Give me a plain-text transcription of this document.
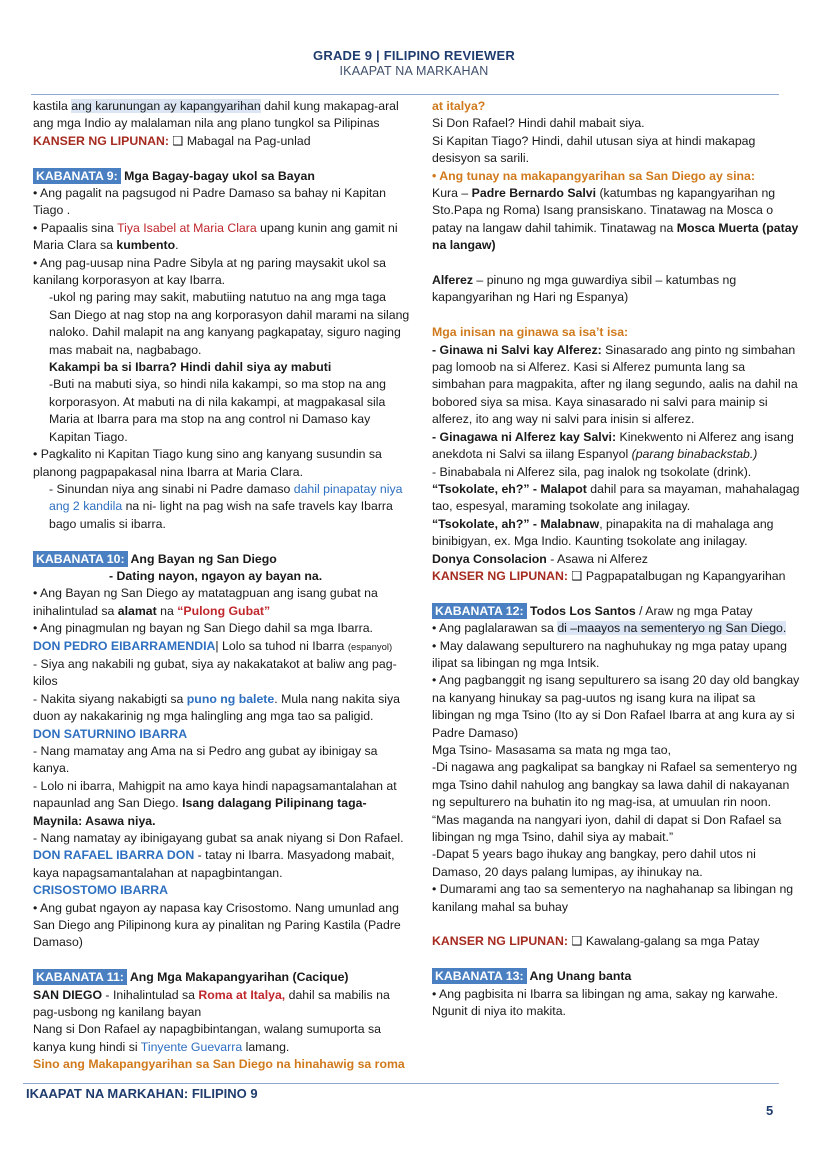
GRADE 9 | FILIPINO REVIEWER
IKAAPAT NA MARKAHAN

kastila ang karunungan ay kapangyarihan dahil kung makapag-aral ang mga Indio ay malalaman nila ang plano tungkol sa Pilipinas

KANSER NG LIPUNAN: ❑ Mabagal na Pag-unlad

KABANATA 9: Mga Bagay-bagay ukol sa Bayan

• Ang pagalit na pagsugod ni Padre Damaso sa bahay ni Kapitan Tiago .

• Papaalis sina Tiya Isabel at Maria Clara upang kunin ang gamit ni Maria Clara sa kumbento.

• Ang pag-uusap nina Padre Sibyla at ng paring maysakit ukol sa kanilang korporasyon at kay Ibarra.

-ukol ng paring may sakit, mabutiing natutuo na ang mga taga San Diego at nag stop na ang korporasyon dahil marami na silang naloko. Dahil malapit na ang kanyang pagkapatay, siguro naging mas mabait na, nagbabago.

Kakampi ba si Ibarra? Hindi dahil siya ay mabuti

-Buti na mabuti siya, so hindi nila kakampi, so ma stop na ang korporasyon. At mabuti na di nila kakampi, at magpakasal sila Maria at Ibarra para ma stop na ang control ni Damaso kay Kapitan Tiago.

• Pagkalito ni Kapitan Tiago kung sino ang kanyang susundin sa planong pagpapakasal nina Ibarra at Maria Clara.

- Sinundan niya ang sinabi ni Padre damaso dahil pinapatay niya ang 2 kandila na ni- light na pag wish na safe travels kay Ibarra bago umalis si ibarra.

KABANATA 10: Ang Bayan ng San Diego

- Dating nayon, ngayon ay bayan na.

• Ang Bayan ng San Diego ay matatagpuan ang isang gubat na inihalintulad sa alamat na “Pulong Gubat”

• Ang pinagmulan ng bayan ng San Diego dahil sa mga Ibarra.

DON PEDRO EIBARRAMENDIA| Lolo sa tuhod ni Ibarra (espanyol)

- Siya ang nakabili ng gubat, siya ay nakakatakot at baliw ang pag-kilos

- Nakita siyang nakabigti sa puno ng balete. Mula nang nakita siya duon ay nakakarinig ng mga halingling ang mga tao sa paligid.

DON SATURNINO IBARRA

- Nang mamatay ang Ama na si Pedro ang gubat ay ibinigay sa kanya.

- Lolo ni ibarra, Mahigpit na amo kaya hindi napagsamantalahan at napaunlad ang San Diego. Isang dalagang Pilipinang taga-Maynila: Asawa niya.

- Nang namatay ay ibinigayang gubat sa anak niyang si Don Rafael.

DON RAFAEL IBARRA DON - tatay ni Ibarra. Masyadong mabait, kaya napagsamantalahan at napagbintangan.

CRISOSTOMO IBARRA

• Ang gubat ngayon ay napasa kay Crisostomo. Nang umunlad ang San Diego ang Pilipinong kura ay pinalitan ng Paring Kastila (Padre Damaso)

KABANATA 11: Ang Mga Makapangyarihan (Cacique)

SAN DIEGO - Inihalintulad sa Roma at Italya, dahil sa mabilis na pag-usbong ng kanilang bayan

Nang si Don Rafael ay napagbibintangan, walang sumuporta sa kanya kung hindi si Tinyente Guevarra lamang.

Sino ang Makapangyarihan sa San Diego na hinahawig sa roma

at italya?

Si Don Rafael? Hindi dahil mabait siya.

Si Kapitan Tiago? Hindi, dahil utusan siya at hindi makapag desisyon sa sarili.

• Ang tunay na makapangyarihan sa San Diego ay sina:

Kura – Padre Bernardo Salvi (katumbas ng kapangyarihan ng Sto.Papa ng Roma) Isang pransiskano. Tinatawag na Mosca o patay na langaw dahil tahimik. Tinatawag na Mosca Muerta (patay na langaw)

Alferez – pinuno ng mga guwardiya sibil – katumbas ng kapangyarihan ng Hari ng Espanya)

Mga inisan na ginawa sa isa’t isa:

- Ginawa ni Salvi kay Alferez: Sinasarado ang pinto ng simbahan pag lomoob na si Alferez. Kasi si Alferez pumunta lang sa simbahan para magpakita, after ng ilang segundo, aalis na dahil na bobored siya sa misa. Kaya sinasarado ni salvi para mainip si alferez, ito ang way ni salvi para inisin si alferez.

- Ginagawa ni Alferez kay Salvi: Kinekwento ni Alferez ang isang anekdota ni Salvi sa iilang Espanyol (parang binabackstab.)

- Binababala ni Alferez sila, pag inalok ng tsokolate (drink).

“Tsokolate, eh?” - Malapot dahil para sa mayaman, mahahalagag tao, espesyal, maraming tsokolate ang inilagay.

“Tsokolate, ah?” - Malabnaw, pinapakita na di mahalaga ang binibigyan, ex. Mga Indio. Kaunting tsokolate ang inilagay.

Donya Consolacion - Asawa ni Alferez

KANSER NG LIPUNAN: ❑ Pagpapatalbugan ng Kapangyarihan

KABANATA 12: Todos Los Santos / Araw ng mga Patay

• Ang paglalarawan sa di –maayos na sementeryo ng San Diego.

• May dalawang sepulturero na naghuhukay ng mga patay upang ilipat sa libingan ng mga Intsik.

• Ang pagbanggit ng isang sepulturero sa isang 20 day old bangkay na kanyang hinukay sa pag-uutos ng isang kura na ilipat sa libingan ng mga Tsino (Ito ay si Don Rafael Ibarra at ang kura ay si Padre Damaso)

Mga Tsino- Masasama sa mata ng mga tao,

-Di nagawa ang pagkalipat sa bangkay ni Rafael sa sementeryo ng mga Tsino dahil nahulog ang bangkay sa lawa dahil di nakayanan ng sepulturero na buhatin ito ng mag-isa, at umuulan rin noon.

“Mas maganda na nangyari iyon, dahil di dapat si Don Rafael sa libingan ng mga Tsino, dahil siya ay mabait.”

-Dapat 5 years bago ihukay ang bangkay, pero dahil utos ni Damaso, 20 days palang lumipas, ay ihinukay na.

• Dumarami ang tao sa sementeryo na naghahanap sa libingan ng kanilang mahal sa buhay

KANSER NG LIPUNAN: ❑ Kawalang-galang sa mga Patay

KABANATA 13: Ang Unang banta

• Ang pagbisita ni Ibarra sa libingan ng ama, sakay ng karwahe. Ngunit di niya ito makita.

IKAAPAT NA MARKAHAN: FILIPINO 9
5
